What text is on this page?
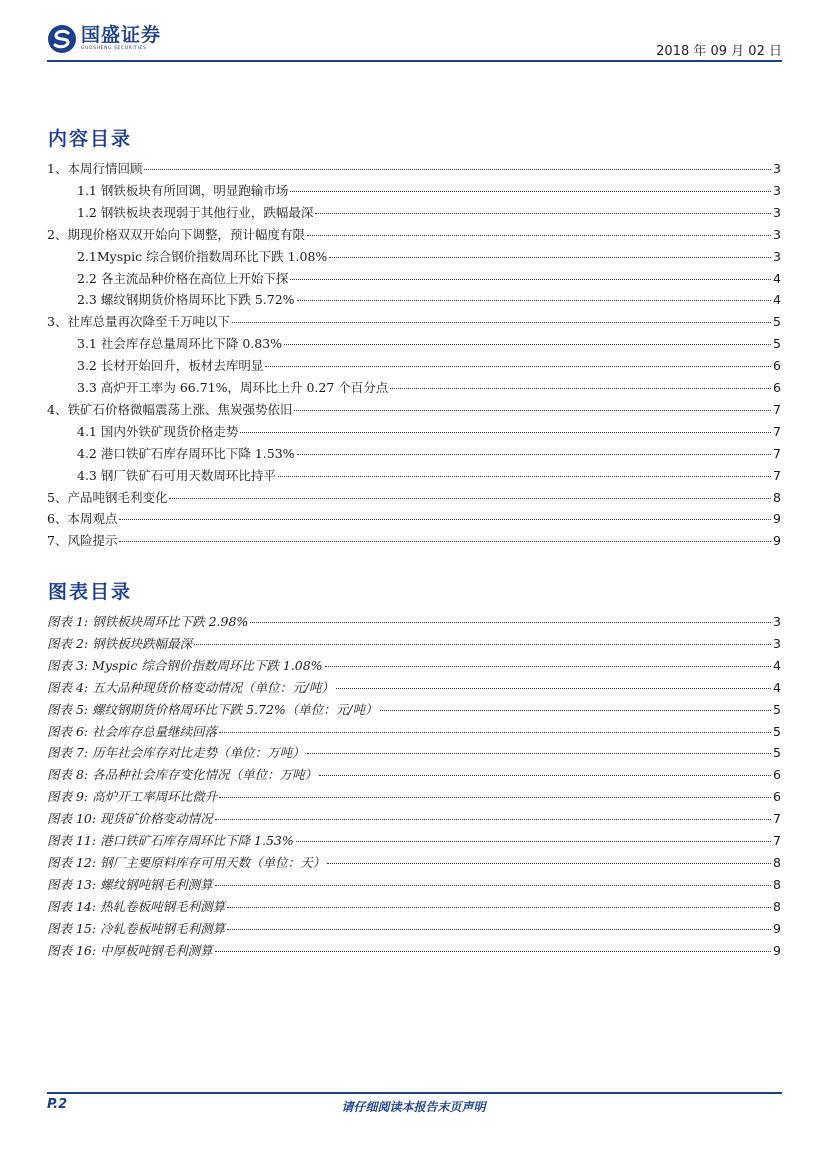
国盛证券
GUOSHENG SECURITIES	2018 年 09 月 02 日
内容目录
1、本周行情回顾	3
1.1 钢铁板块有所回调，明显跑输市场	3
1.2 钢铁板块表现弱于其他行业，跌幅最深	3
2、期现价格双双开始向下调整，预计幅度有限	3
2.1Myspic 综合钢价指数周环比下跌 1.08%	3
2.2 各主流品种价格在高位上开始下探	4
2.3 螺纹钢期货价格周环比下跌 5.72%	4
3、社库总量再次降至千万吨以下	5
3.1 社会库存总量周环比下降 0.83%	5
3.2 长材开始回升，板材去库明显	6
3.3 高炉开工率为 66.71%，周环比上升 0.27 个百分点	6
4、铁矿石价格微幅震荡上涨、焦炭强势依旧	7
4.1 国内外铁矿现货价格走势	7
4.2 港口铁矿石库存周环比下降 1.53%	7
4.3 钢厂铁矿石可用天数周环比持平	7
5、产品吨钢毛利变化	8
6、本周观点	9
7、风险提示	9
图表目录
图表 1: 钢铁板块周环比下跌 2.98%	3
图表 2: 钢铁板块跌幅最深	3
图表 3: Myspic 综合钢价指数周环比下跌 1.08%	4
图表 4: 五大品种现货价格变动情况（单位：元/吨）	4
图表 5: 螺纹钢期货价格周环比下跌 5.72%（单位：元/吨）	5
图表 6: 社会库存总量继续回落	5
图表 7: 历年社会库存对比走势（单位：万吨）	5
图表 8: 各品种社会库存变化情况（单位：万吨）	6
图表 9: 高炉开工率周环比微升	6
图表 10: 现货矿价格变动情况	7
图表 11: 港口铁矿石库存周环比下降 1.53%	7
图表 12: 钢厂主要原料库存可用天数（单位：天）	8
图表 13: 螺纹钢吨钢毛利测算	8
图表 14: 热轧卷板吨钢毛利测算	8
图表 15: 冷轧卷板吨钢毛利测算	9
图表 16: 中厚板吨钢毛利测算	9
P.2	请仔细阅读本报告末页声明
